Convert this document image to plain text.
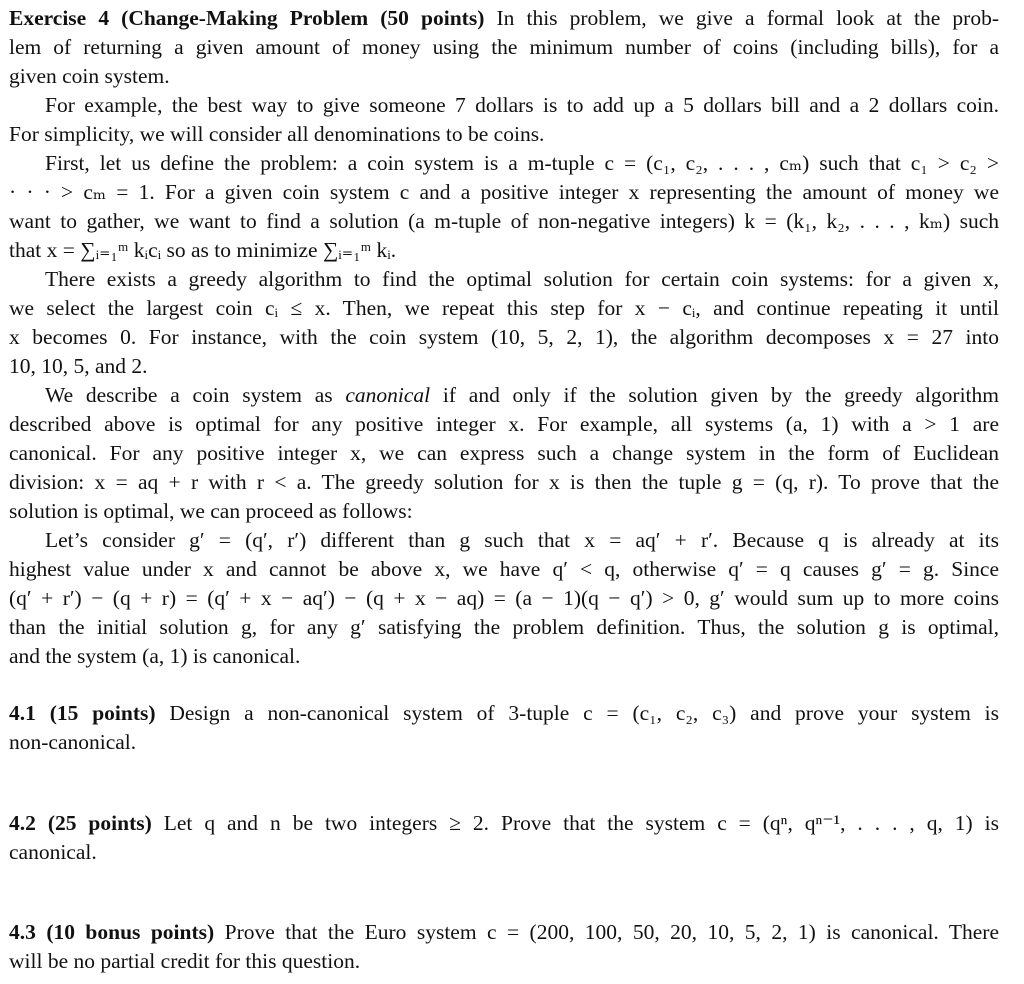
Exercise 4 (Change-Making Problem (50 points) In this problem, we give a formal look at the prob-
lem of returning a given amount of money using the minimum number of coins (including bills), for a
given coin system.
For example, the best way to give someone 7 dollars is to add up a 5 dollars bill and a 2 dollars coin.
For simplicity, we will consider all denominations to be coins.
First, let us define the problem: a coin system is a m-tuple c = (c₁, c₂, . . . , cₘ) such that c₁ > c₂ >
· · · > cₘ = 1. For a given coin system c and a positive integer x representing the amount of money we
want to gather, we want to find a solution (a m-tuple of non-negative integers) k = (k₁, k₂, . . . , kₘ) such
that x = ∑ᵢ₌₁ᵐ kᵢcᵢ so as to minimize ∑ᵢ₌₁ᵐ kᵢ.
There exists a greedy algorithm to find the optimal solution for certain coin systems: for a given x,
we select the largest coin cᵢ ≤ x. Then, we repeat this step for x − cᵢ, and continue repeating it until
x becomes 0. For instance, with the coin system (10, 5, 2, 1), the algorithm decomposes x = 27 into
10, 10, 5, and 2.
We describe a coin system as canonical if and only if the solution given by the greedy algorithm
described above is optimal for any positive integer x. For example, all systems (a, 1) with a > 1 are
canonical. For any positive integer x, we can express such a change system in the form of Euclidean
division: x = aq + r with r < a. The greedy solution for x is then the tuple g = (q, r). To prove that the
solution is optimal, we can proceed as follows:
Let’s consider g′ = (q′, r′) different than g such that x = aq′ + r′. Because q is already at its
highest value under x and cannot be above x, we have q′ < q, otherwise q′ = q causes g′ = g. Since
(q′ + r′) − (q + r) = (q′ + x − aq′) − (q + x − aq) = (a − 1)(q − q′) > 0, g′ would sum up to more coins
than the initial solution g, for any g′ satisfying the problem definition. Thus, the solution g is optimal,
and the system (a, 1) is canonical.
4.1 (15 points) Design a non-canonical system of 3-tuple c = (c₁, c₂, c₃) and prove your system is
non-canonical.
4.2 (25 points) Let q and n be two integers ≥ 2. Prove that the system c = (qⁿ, qⁿ⁻¹, . . . , q, 1) is
canonical.
4.3 (10 bonus points) Prove that the Euro system c = (200, 100, 50, 20, 10, 5, 2, 1) is canonical. There
will be no partial credit for this question.
